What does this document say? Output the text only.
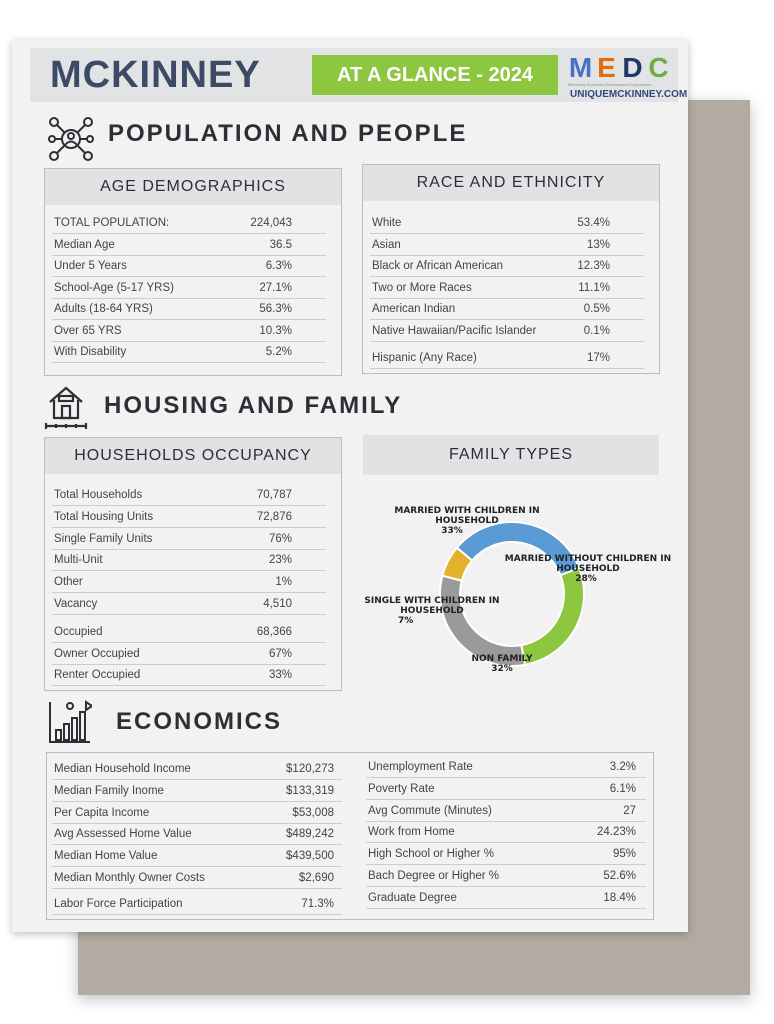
MCKINNEY	AT A GLANCE - 2024	M E D C
McKinney Economic Development Corporation
UNIQUEMCKINNEY.COM
POPULATION AND PEOPLE
AGE DEMOGRAPHICS	RACE AND ETHNICITY
HOUSING AND FAMILY
HOUSEHOLDS OCCUPANCY	FAMILY TYPES
MARRIED WITH CHILDREN IN HOUSEHOLD
33%
MARRIED WITHOUT CHILDREN IN HOUSEHOLD
28%
SINGLE WITH CHILDREN IN HOUSEHOLD
7%
NON FAMILY
32%
ECONOMICS
TOTAL POPULATION:	224,043
Median Age	36.5
Under 5 Years	6.3%
School-Age (5-17 YRS)	27.1%
Adults (18-64 YRS)	56.3%
Over 65 YRS	10.3%
With Disability	5.2%
White	53.4%
Asian	13%
Black or African American	12.3%
Two or More Races	11.1%
American Indian	0.5%
Native Hawaiian/Pacific Islander	0.1%
Hispanic (Any Race)	17%
Total Households	70,787
Total Housing Units	72,876
Single Family Units	76%
Multi-Unit	23%
Other	1%
Vacancy	4,510
Occupied	68,366
Owner Occupied	67%
Renter Occupied	33%
Median Household Income	$120,273
Median Family Inome	$133,319
Per Capita Income	$53,008
Avg Assessed Home Value	$489,242
Median Home Value	$439,500
Median Monthly Owner Costs	$2,690
Labor Force Participation	71.3%
Unemployment Rate	3.2%
Poverty Rate	6.1%
Avg Commute (Minutes)	27
Work from Home	24.23%
High School or Higher %	95%
Bach Degree or Higher %	52.6%
Graduate Degree	18.4%
